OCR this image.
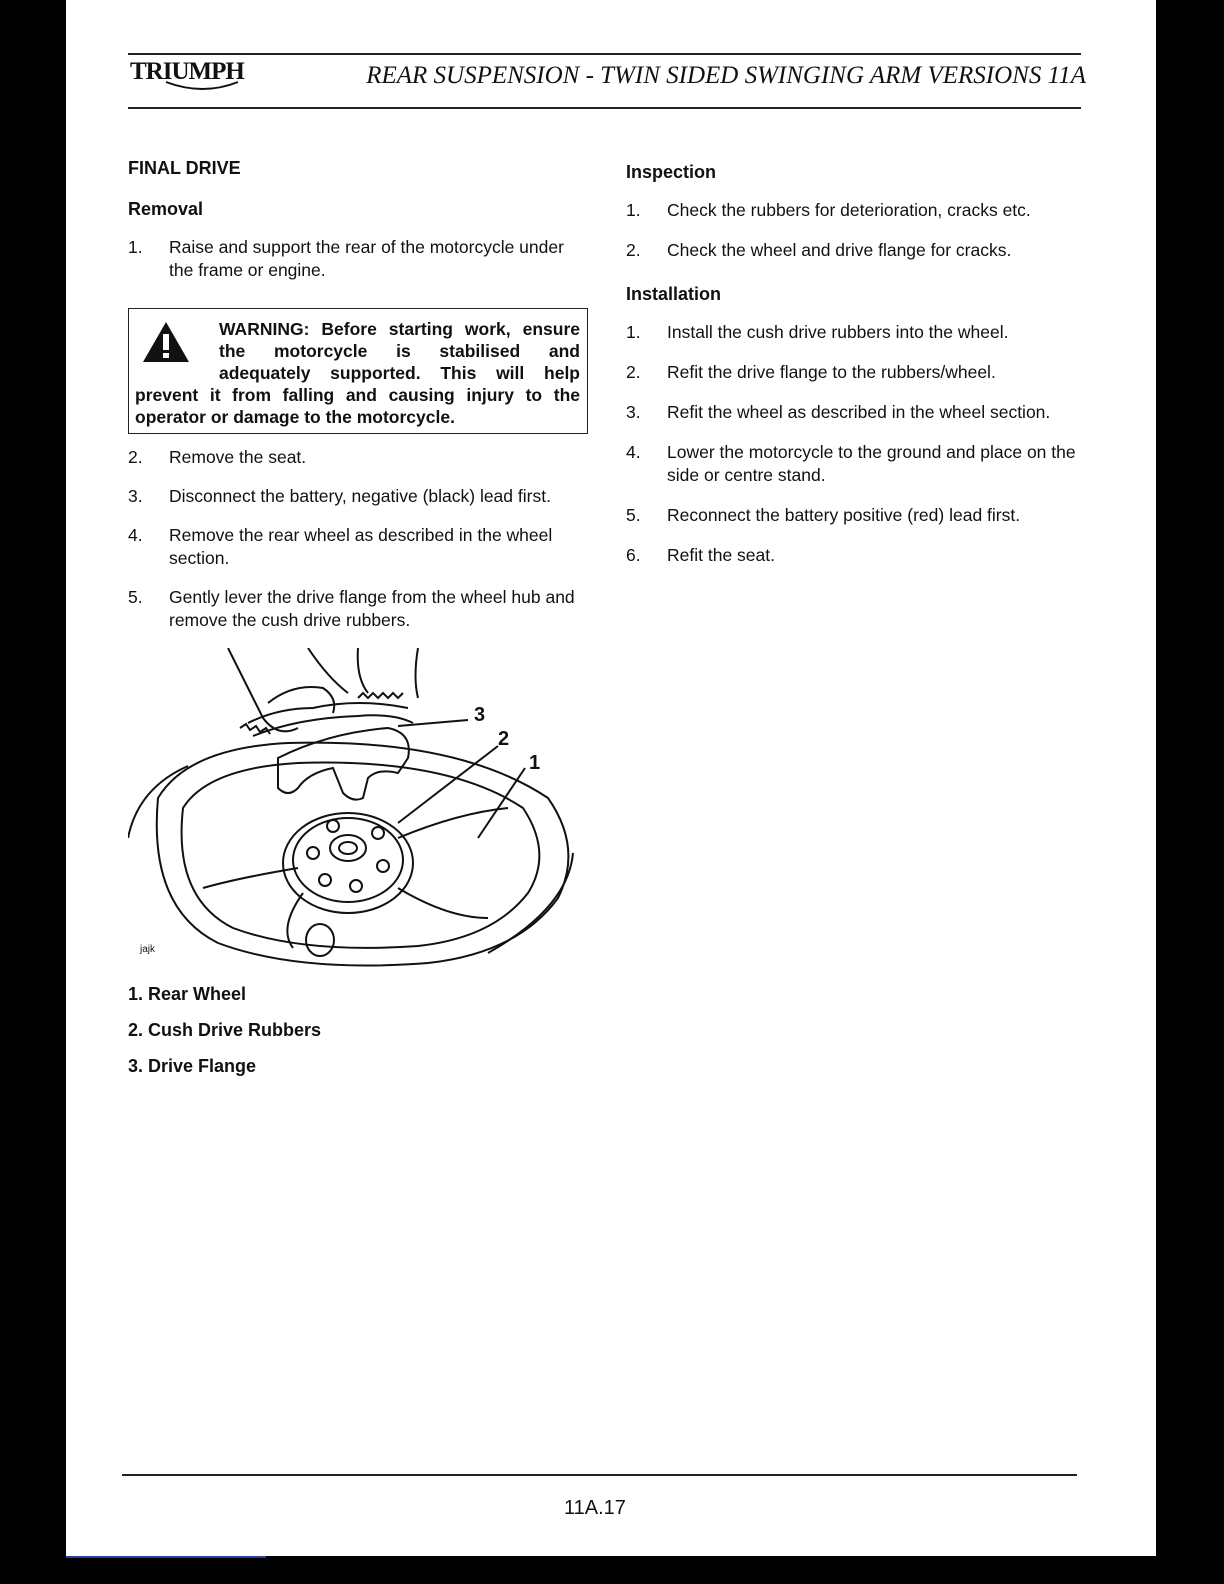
TRIUMPH	REAR SUSPENSION - TWIN SIDED SWINGING ARM VERSIONS 11A
FINAL DRIVE
Removal
1. Raise and support the rear of the motorcycle under the frame or engine.
WARNING: Before starting work, ensure the motorcycle is stabilised and adequately supported. This will help prevent it from falling and causing injury to the operator or damage to the motorcycle.
2. Remove the seat.
3. Disconnect the battery, negative (black) lead first.
4. Remove the rear wheel as described in the wheel section.
5. Gently lever the drive flange from the wheel hub and remove the cush drive rubbers.
3
2
1
jajk
1. Rear Wheel
2. Cush Drive Rubbers
3. Drive Flange
Inspection
1. Check the rubbers for deterioration, cracks etc.
2. Check the wheel and drive flange for cracks.
Installation
1. Install the cush drive rubbers into the wheel.
2. Refit the drive flange to the rubbers/wheel.
3. Refit the wheel as described in the wheel section.
4. Lower the motorcycle to the ground and place on the side or centre stand.
5. Reconnect the battery positive (red) lead first.
6. Refit the seat.
11A.17
